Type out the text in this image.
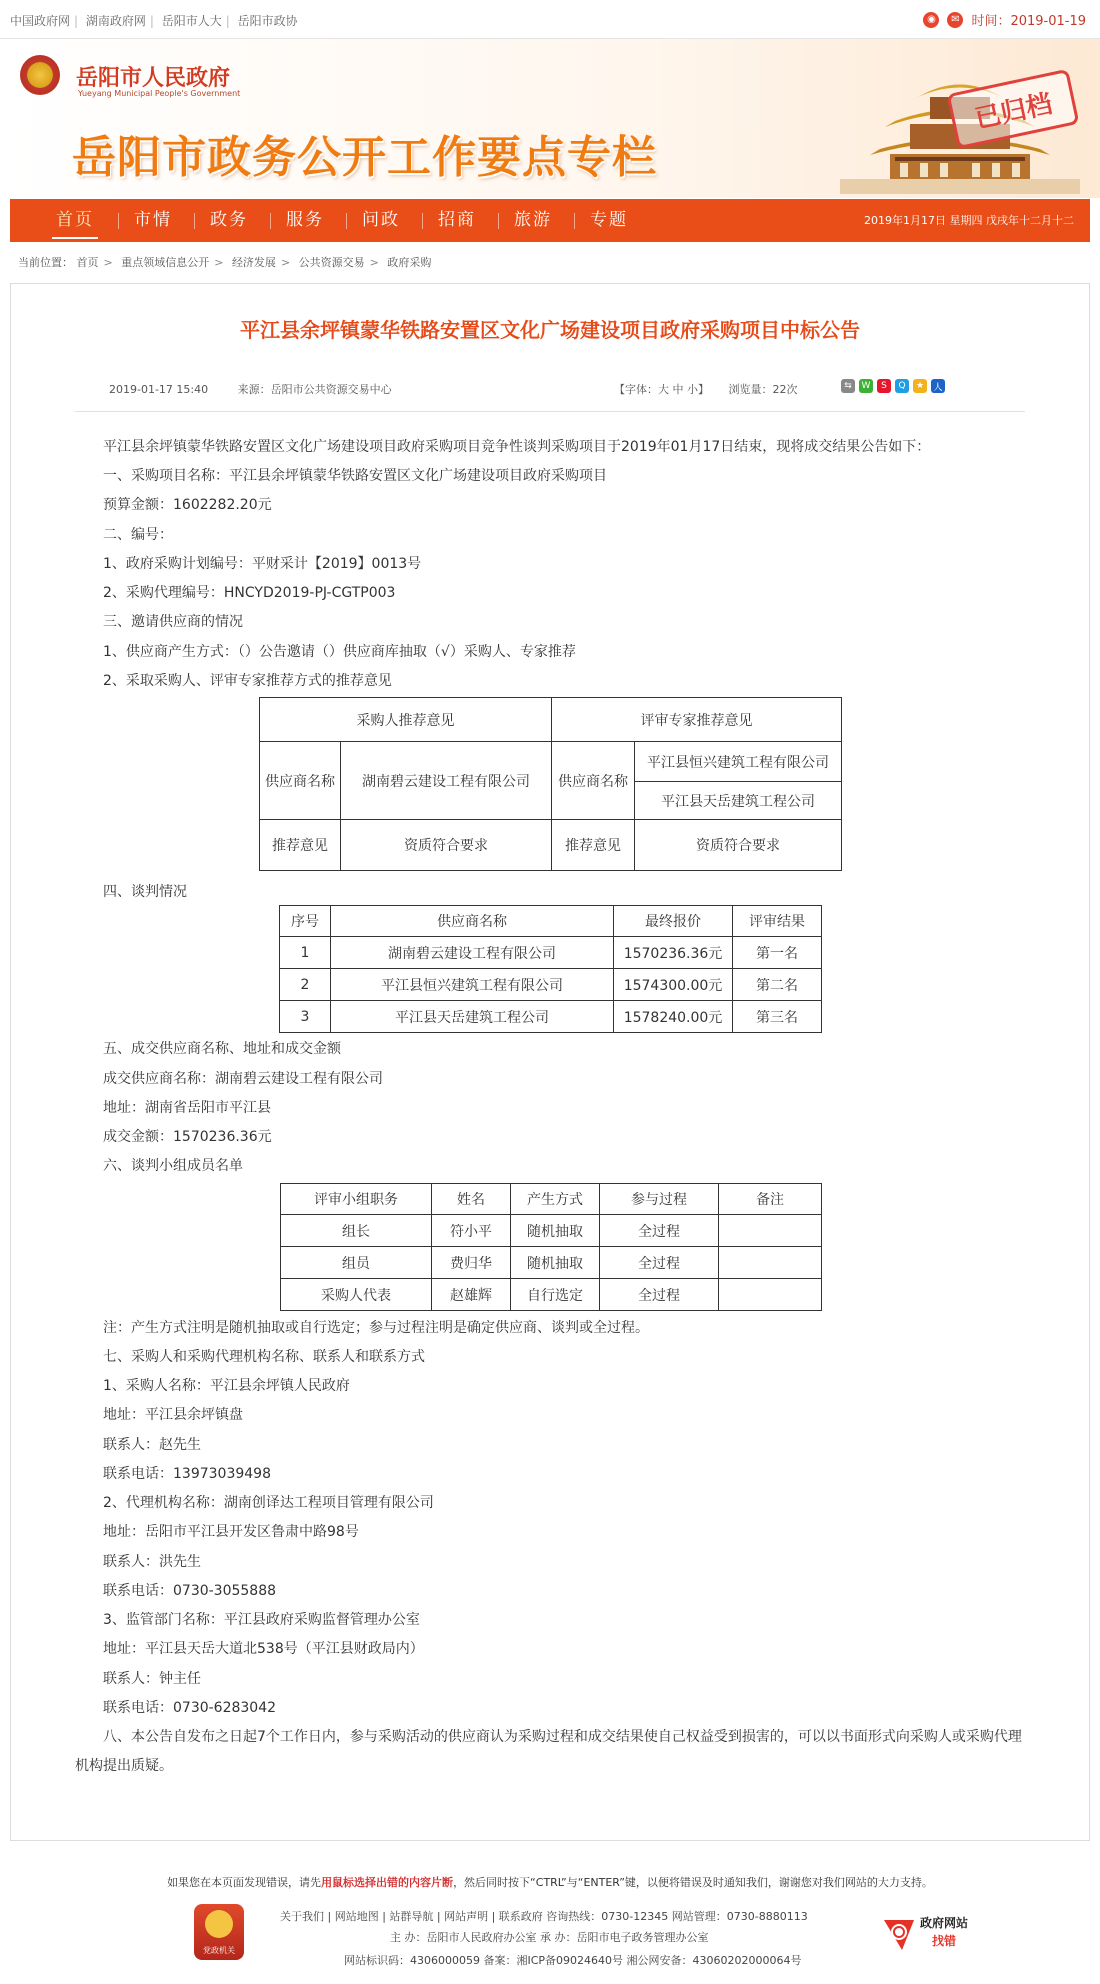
中国政府网 | 湖南政府网 | 岳阳市人大 | 岳阳市政协	◉	✉ 时间：2019-01-19
岳阳市人民政府
Yueyang Municipal People's Government
岳阳市政务公开工作要点专栏
已归档
首页 市情 政务 服务 问政 招商 旅游 专题	2019年1月17日 星期四 戊戌年十二月十二
当前位置： 首页 > 重点领域信息公开 > 经济发展 > 公共资源交易 > 政府采购
平江县余坪镇蒙华铁路安置区文化广场建设项目政府采购项目中标公告
2019-01-17 15:40	来源：岳阳市公共资源交易中心	【字体：大 中 小】 浏览量：22次	⇆	W	S	Q	★	人
平江县余坪镇蒙华铁路安置区文化广场建设项目政府采购项目竞争性谈判采购项目于2019年01月17日结束，现将成交结果公告如下：
一、采购项目名称：平江县余坪镇蒙华铁路安置区文化广场建设项目政府采购项目
预算金额：1602282.20元
二、编号：
1、政府采购计划编号：平财采计【2019】0013号
2、采购代理编号：HNCYD2019-PJ-CGTP003
三、邀请供应商的情况
1、供应商产生方式：（）公告邀请（）供应商库抽取（√）采购人、专家推荐
2、采取采购人、评审专家推荐方式的推荐意见
采购人推荐意见		评审专家推荐意见	
供应商名称	湖南碧云建设工程有限公司	供应商名称	平江县恒兴建筑工程有限公司
			平江县天岳建筑工程公司
推荐意见	资质符合要求	推荐意见	资质符合要求
四、谈判情况
序号	供应商名称	最终报价	评审结果
1	湖南碧云建设工程有限公司	1570236.36元	第一名
2	平江县恒兴建筑工程有限公司	1574300.00元	第二名
3	平江县天岳建筑工程公司	1578240.00元	第三名
五、成交供应商名称、地址和成交金额
成交供应商名称：湖南碧云建设工程有限公司
地址：湖南省岳阳市平江县
成交金额：1570236.36元
六、谈判小组成员名单
评审小组职务	姓名	产生方式	参与过程	备注
组长	符小平	随机抽取	全过程	
组员	费归华	随机抽取	全过程	
采购人代表	赵雄辉	自行选定	全过程	
注：产生方式注明是随机抽取或自行选定；参与过程注明是确定供应商、谈判或全过程。
七、采购人和采购代理机构名称、联系人和联系方式
1、采购人名称：平江县余坪镇人民政府
地址：平江县余坪镇盘
联系人：赵先生
联系电话：13973039498
2、代理机构名称：湖南创译达工程项目管理有限公司
地址：岳阳市平江县开发区鲁肃中路98号
联系人：洪先生
联系电话：0730-3055888
3、监管部门名称：平江县政府采购监督管理办公室
地址：平江县天岳大道北538号（平江县财政局内）
联系人：钟主任
联系电话：0730-6283042
八、本公告自发布之日起7个工作日内，参与采购活动的供应商认为采购过程和成交结果使自己权益受到损害的，可以以书面形式向采购人或采购代理机构提出质疑。
如果您在本页面发现错误，请先用鼠标选择出错的内容片断，然后同时按下“CTRL”与“ENTER”键，以便将错误及时通知我们，谢谢您对我们网站的大力支持。
党政机关
关于我们 | 网站地图 | 站群导航 | 网站声明 | 联系政府 咨询热线：0730-12345 网站管理：0730-8880113
主 办：岳阳市人民政府办公室 承 办：岳阳市电子政务管理办公室
网站标识码：4306000059 备案：湘ICP备09024640号 湘公网安备：43060202000064号
政府网站
找错
